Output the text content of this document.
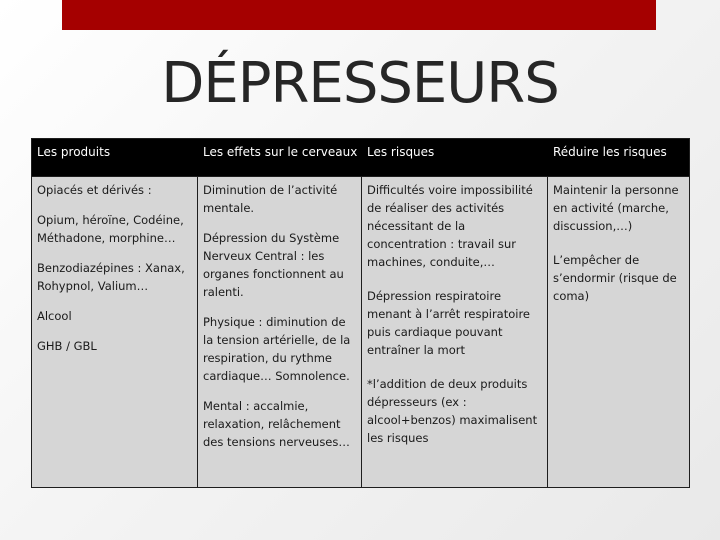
DÉPRESSEURS
Les produits	Les effets sur le cerveaux Les risques	Réduire les risques

Opiacés et dérivés :

Opium, héroïne, Codéine, Méthadone, morphine…

Benzodiazépines : Xanax, Rohypnol, Valium…

Alcool

GHB / GBL

Diminution de l’activité mentale.

Dépression du Système Nerveux Central : les organes fonctionnent au ralenti.

Physique : diminution de la tension artérielle, de la respiration, du rythme cardiaque… Somnolence.

Mental : accalmie, relaxation, relâchement des tensions nerveuses…

Difficultés voire impossibilité de réaliser des activités nécessitant de la concentration : travail sur machines, conduite,…

Dépression respiratoire menant à l’arrêt respiratoire puis cardiaque pouvant entraîner la mort

*l’addition de deux produits dépresseurs (ex : alcool+benzos) maximalisent les risques

Maintenir la personne en activité (marche, discussion,…)

L’empêcher de s’endormir (risque de coma)
